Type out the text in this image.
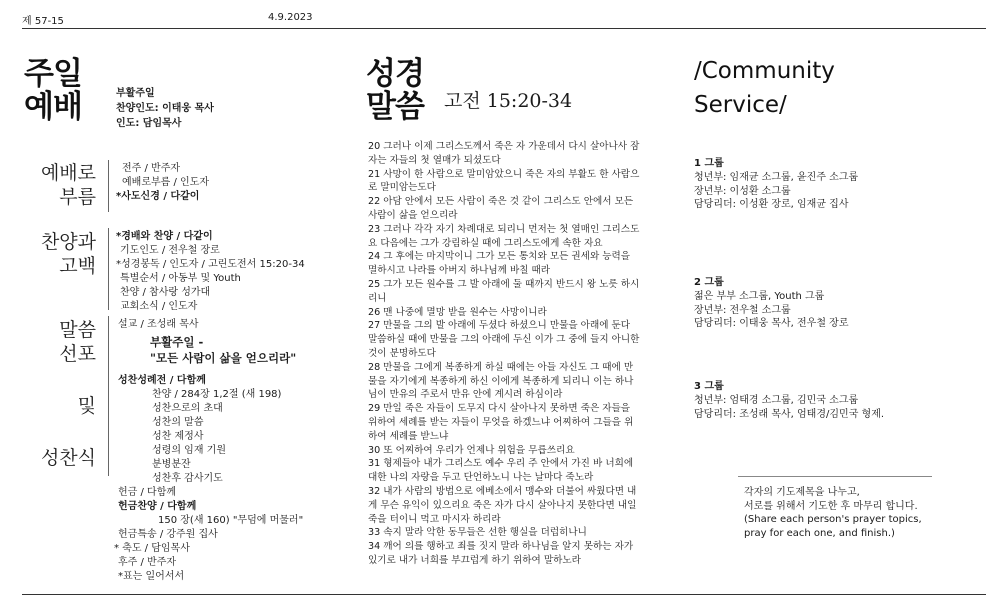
제 57-15	4.9.2023
주일
예배	부활주일
찬양인도: 이태웅 목사
인도: 담임목사
예배로
부름
전주 / 반주자
예배로부름 / 인도자
*사도신경 / 다같이
찬양과
고백
*경배와 찬양 / 다같이
기도인도 / 전우철 장로
*성경봉독 / 인도자 / 고린도전서 15:20-34
특별순서 / 아동부 및 Youth
찬양 / 참사랑 성가대
교회소식 / 인도자
말씀
선포
및
성찬식
설교 / 조성래 목사
부활주일 -
"모든 사람이 삶을 얻으리라"
성찬성례전 / 다함께
찬양 / 284장 1,2절 (새 198)
성찬으로의 초대
성찬의 말씀
성찬 제정사
성령의 임재 기원
분병분잔
성찬후 감사기도
헌금 / 다함께
헌금찬양 / 다함께
150 장(새 160) "무덤에 머물러"
헌금특송 / 강주원 집사
* 축도 / 담임목사
후주 / 반주자
*표는 일어서서
성경
말씀 고전 15:20-34
20 그러나 이제 그리스도께서 죽은 자 가운데서 다시 살아나사 잠자는 자들의 첫 열매가 되셨도다
21 사망이 한 사람으로 말미암았으니 죽은 자의 부활도 한 사람으로 말미암는도다
22 아담 안에서 모든 사람이 죽은 것 같이 그리스도 안에서 모든 사람이 삶을 얻으리라
23 그러나 각각 자기 차례대로 되리니 먼저는 첫 열매인 그리스도요 다음에는 그가 강림하실 때에 그리스도에게 속한 자요
24 그 후에는 마지막이니 그가 모든 통치와 모든 권세와 능력을 멸하시고 나라를 아버지 하나님께 바칠 때라
25 그가 모든 원수를 그 발 아래에 둘 때까지 반드시 왕 노릇 하시리니
26 맨 나중에 멸망 받을 원수는 사망이니라
27 만물을 그의 발 아래에 두셨다 하셨으니 만물을 아래에 둔다 말씀하실 때에 만물을 그의 아래에 두신 이가 그 중에 들지 아니한 것이 분명하도다
28 만물을 그에게 복종하게 하실 때에는 아들 자신도 그 때에 만물을 자기에게 복종하게 하신 이에게 복종하게 되리니 이는 하나님이 만유의 주로서 만유 안에 계시려 하심이라
29 만일 죽은 자들이 도무지 다시 살아나지 못하면 죽은 자들을 위하여 세례를 받는 자들이 무엇을 하겠느냐 어찌하여 그들을 위하여 세례를 받느냐
30 또 어찌하여 우리가 언제나 위험을 무릅쓰리요
31 형제들아 내가 그리스도 예수 우리 주 안에서 가진 바 너희에 대한 나의 자랑을 두고 단언하노니 나는 날마다 죽노라
32 내가 사람의 방법으로 에베소에서 맹수와 더불어 싸웠다면 내게 무슨 유익이 있으리요 죽은 자가 다시 살아나지 못한다면 내일 죽을 터이니 먹고 마시자 하리라
33 속지 말라 악한 동무들은 선한 행실을 더럽히나니
34 깨어 의를 행하고 죄를 짓지 말라 하나님을 알지 못하는 자가 있기로 내가 너희를 부끄럽게 하기 위하여 말하노라
/Community
Service/
1 그룹
청년부: 임재균 소그룹, 윤진주 소그룹
장년부: 이성환 소그룹
담당리더: 이성환 장로, 임재균 집사
2 그룹
젊은 부부 소그룹, Youth 그룹
장년부: 전우철 소그룹
담당리더: 이태웅 목사, 전우철 장로
3 그룹
청년부: 엄태경 소그룹, 김민국 소그룹
담당리더: 조성래 목사, 엄태경/김민국 형제.
각자의 기도제목을 나누고,
서로를 위해서 기도한 후 마무리 합니다.
(Share each person's prayer topics,
pray for each one, and finish.)
